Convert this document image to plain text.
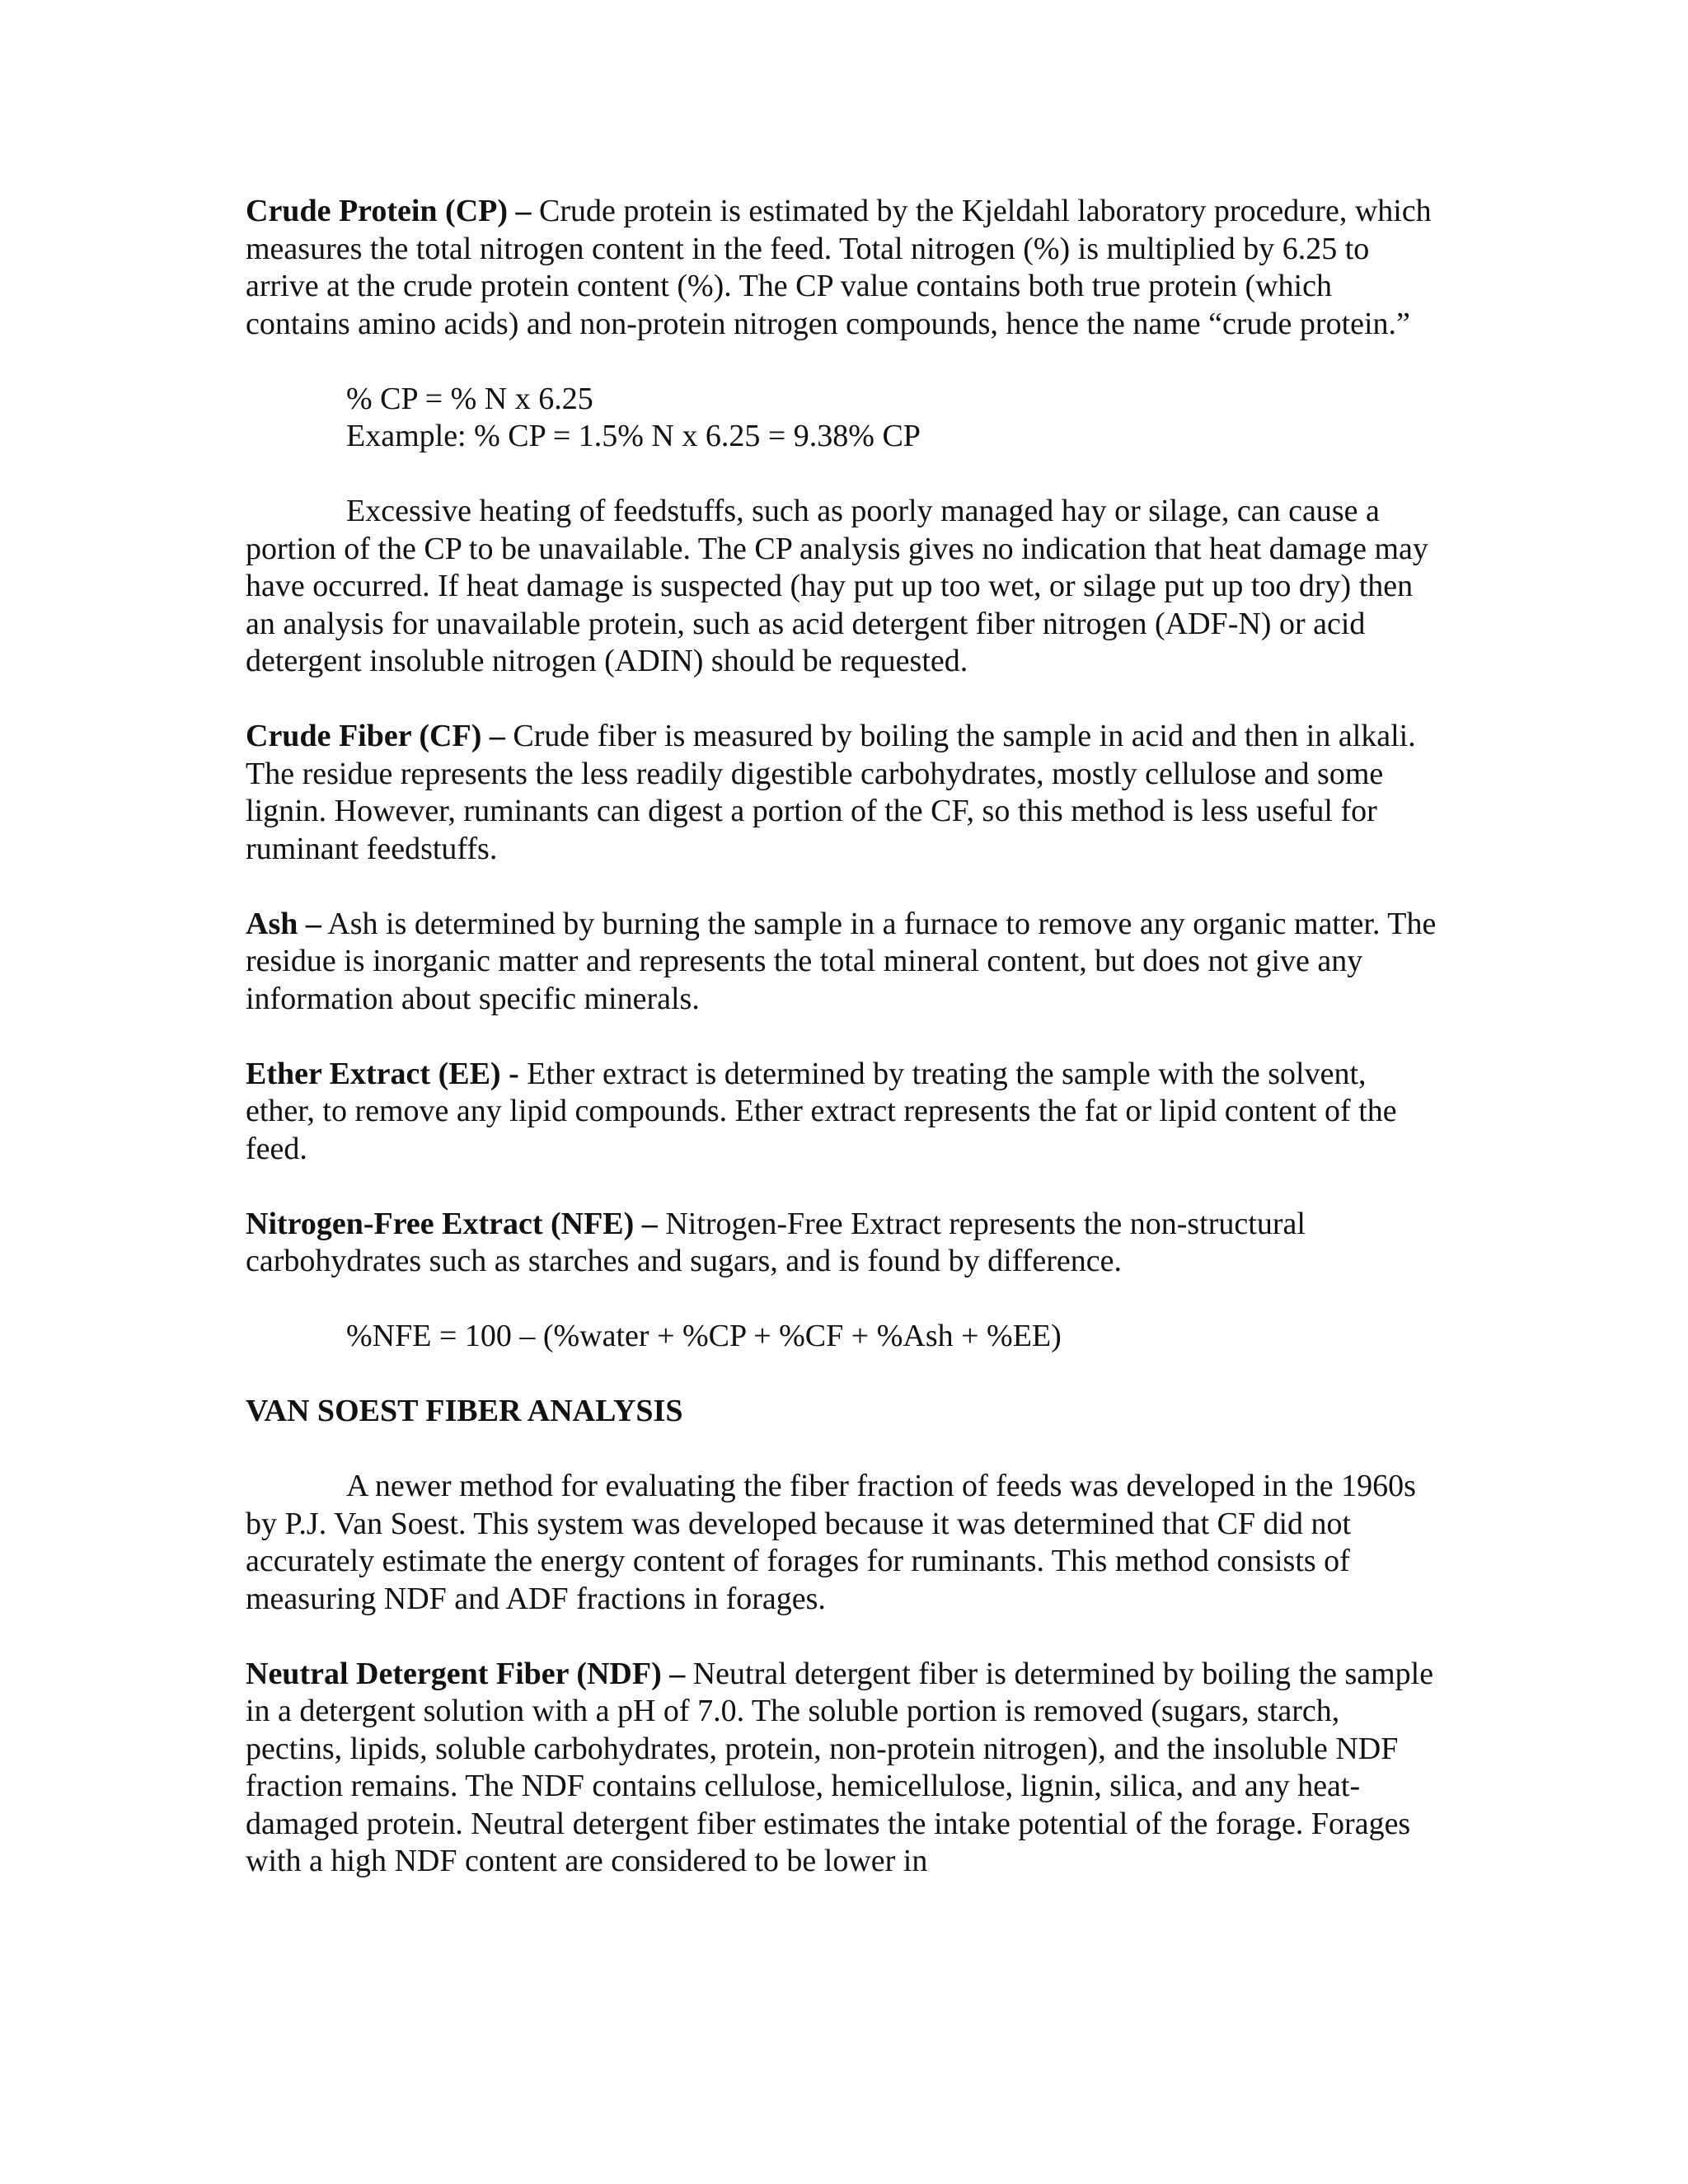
Crude Protein (CP) – Crude protein is estimated by the Kjeldahl laboratory procedure, which measures the total nitrogen content in the feed. Total nitrogen (%) is multiplied by 6.25 to arrive at the crude protein content (%). The CP value contains both true protein (which contains amino acids) and non-protein nitrogen compounds, hence the name “crude protein.”

% CP = % N x 6.25
Example: % CP = 1.5% N x 6.25 = 9.38% CP

Excessive heating of feedstuffs, such as poorly managed hay or silage, can cause a portion of the CP to be unavailable. The CP analysis gives no indication that heat damage may have occurred. If heat damage is suspected (hay put up too wet, or silage put up too dry) then an analysis for unavailable protein, such as acid detergent fiber nitrogen (ADF-N) or acid detergent insoluble nitrogen (ADIN) should be requested.

Crude Fiber (CF) – Crude fiber is measured by boiling the sample in acid and then in alkali. The residue represents the less readily digestible carbohydrates, mostly cellulose and some lignin. However, ruminants can digest a portion of the CF, so this method is less useful for ruminant feedstuffs.

Ash – Ash is determined by burning the sample in a furnace to remove any organic matter. The residue is inorganic matter and represents the total mineral content, but does not give any information about specific minerals.

Ether Extract (EE) - Ether extract is determined by treating the sample with the solvent, ether, to remove any lipid compounds. Ether extract represents the fat or lipid content of the feed.

Nitrogen-Free Extract (NFE) – Nitrogen-Free Extract represents the non-structural carbohydrates such as starches and sugars, and is found by difference.

%NFE = 100 – (%water + %CP + %CF + %Ash + %EE)
VAN SOEST FIBER ANALYSIS

A newer method for evaluating the fiber fraction of feeds was developed in the 1960s by P.J. Van Soest. This system was developed because it was determined that CF did not accurately estimate the energy content of forages for ruminants. This method consists of measuring NDF and ADF fractions in forages.

Neutral Detergent Fiber (NDF) – Neutral detergent fiber is determined by boiling the sample in a detergent solution with a pH of 7.0. The soluble portion is removed (sugars, starch, pectins, lipids, soluble carbohydrates, protein, non-protein nitrogen), and the insoluble NDF fraction remains. The NDF contains cellulose, hemicellulose, lignin, silica, and any heat-damaged protein. Neutral detergent fiber estimates the intake potential of the forage. Forages with a high NDF content are considered to be lower in
